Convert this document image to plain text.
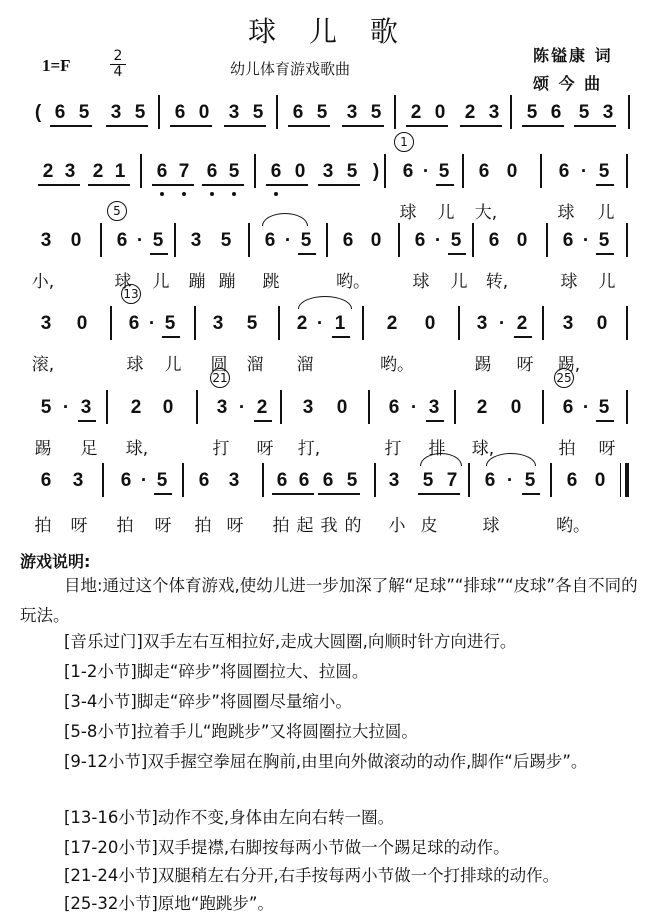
球 儿 歌
1=F	2
4	幼儿体育游戏歌曲
陈镒康 词
颂 今 曲
( 6 5	3 5	6 0	3 5	6 5	3 5	2 0	2 3	5 6 5 3
2 3 2 1	6 7 6 5	6 0 3 5 )
1
6 · 5	6 0	6 · 5
球 儿 大,	球 儿
3	0
5
6 · 5	3	5	6 · 5	6 0	6 · 5	6 0	6 · 5
小,	球 儿 蹦 蹦 跳	哟。	球 儿 转,	球 儿
3	0
13
6 · 5	3	5	2 · 1	2	0	3 · 2	3	0
滚,	球 儿 圆 溜 溜	哟。	踢 呀 踢,
5 · 3	2	0
21
3 · 2	3	0	6 · 3	2	0
25
6 · 5
踢 足 球,	打 呀 打,	打 排 球,	拍 呀
6	3	6 · 5	6	3	6 6 6 5	3	5 7	6 · 5	6 0
拍 呀 拍 呀 拍 呀 拍 起 我 的 小 皮	球	哟。
游戏说明:
目地:通过这个体育游戏,使幼儿进一步加深了解“足球”“排球”“皮球”各自不同的玩法。
[音乐过门]双手左右互相拉好,走成大圆圈,向顺时针方向进行。
[1-2小节]脚走“碎步”将圆圈拉大、拉圆。
[3-4小节]脚走“碎步”将圆圈尽量缩小。
[5-8小节]拉着手儿“跑跳步”又将圆圈拉大拉圆。
[9-12小节]双手握空拳屈在胸前,由里向外做滚动的动作,脚作“后踢步”。
[13-16小节]动作不变,身体由左向右转一圈。
[17-20小节]双手提襟,右脚按每两小节做一个踢足球的动作。
[21-24小节]双腿稍左右分开,右手按每两小节做一个打排球的动作。
[25-32小节]原地“跑跳步”。
